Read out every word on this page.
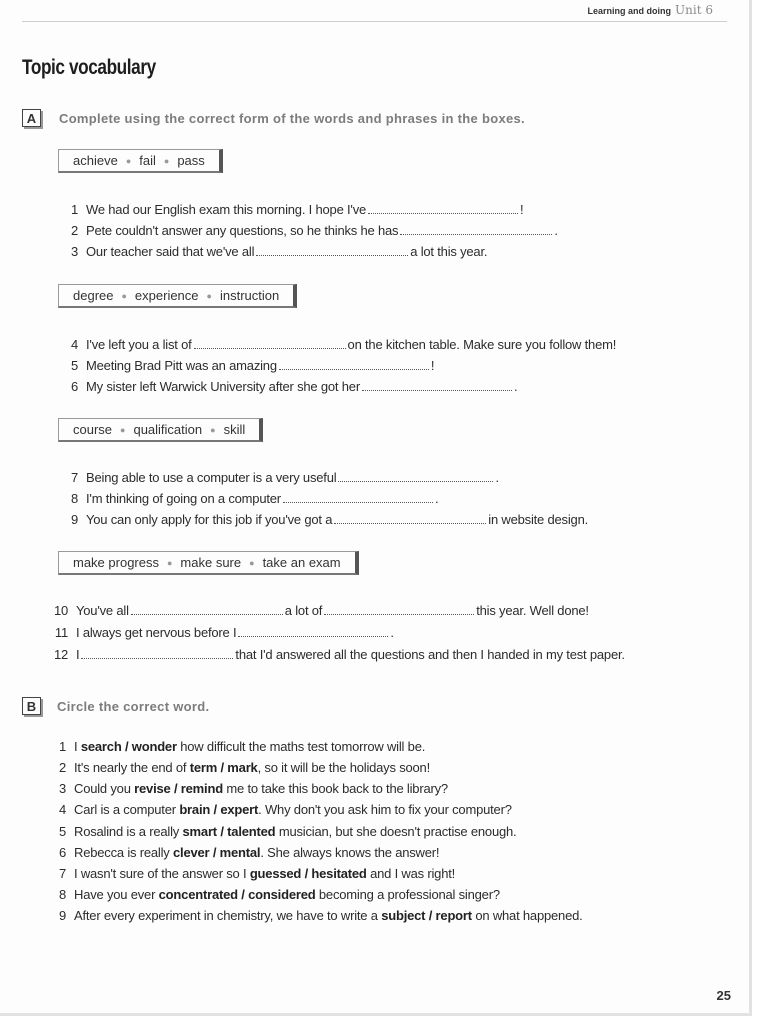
Learning and doing Unit 6
Topic vocabulary
A	Complete using the correct form of the words and phrases in the boxes.
achieve ● fail ● pass
1 We had our English exam this morning. I hope I've	!
2 Pete couldn't answer any questions, so he thinks he has	.
3 Our teacher said that we've all	a lot this year.
degree ● experience ● instruction
4 I've left you a list of	on the kitchen table. Make sure you follow them!
5 Meeting Brad Pitt was an amazing	!
6 My sister left Warwick University after she got her	.
course ● qualification ● skill
7 Being able to use a computer is a very useful	.
8 I'm thinking of going on a computer	.
9 You can only apply for this job if you've got a	in website design.
make progress ● make sure ● take an exam
10 You've all	a lot of	this year. Well done!
11 I always get nervous before I	.
12 I	that I'd answered all the questions and then I handed in my test paper.
B	Circle the correct word.
1 I search / wonder how difficult the maths test tomorrow will be.
2 It's nearly the end of term / mark, so it will be the holidays soon!
3 Could you revise / remind me to take this book back to the library?
4 Carl is a computer brain / expert. Why don't you ask him to fix your computer?
5 Rosalind is a really smart / talented musician, but she doesn't practise enough.
6 Rebecca is really clever / mental. She always knows the answer!
7 I wasn't sure of the answer so I guessed / hesitated and I was right!
8 Have you ever concentrated / considered becoming a professional singer?
9 After every experiment in chemistry, we have to write a subject / report on what happened.
25
